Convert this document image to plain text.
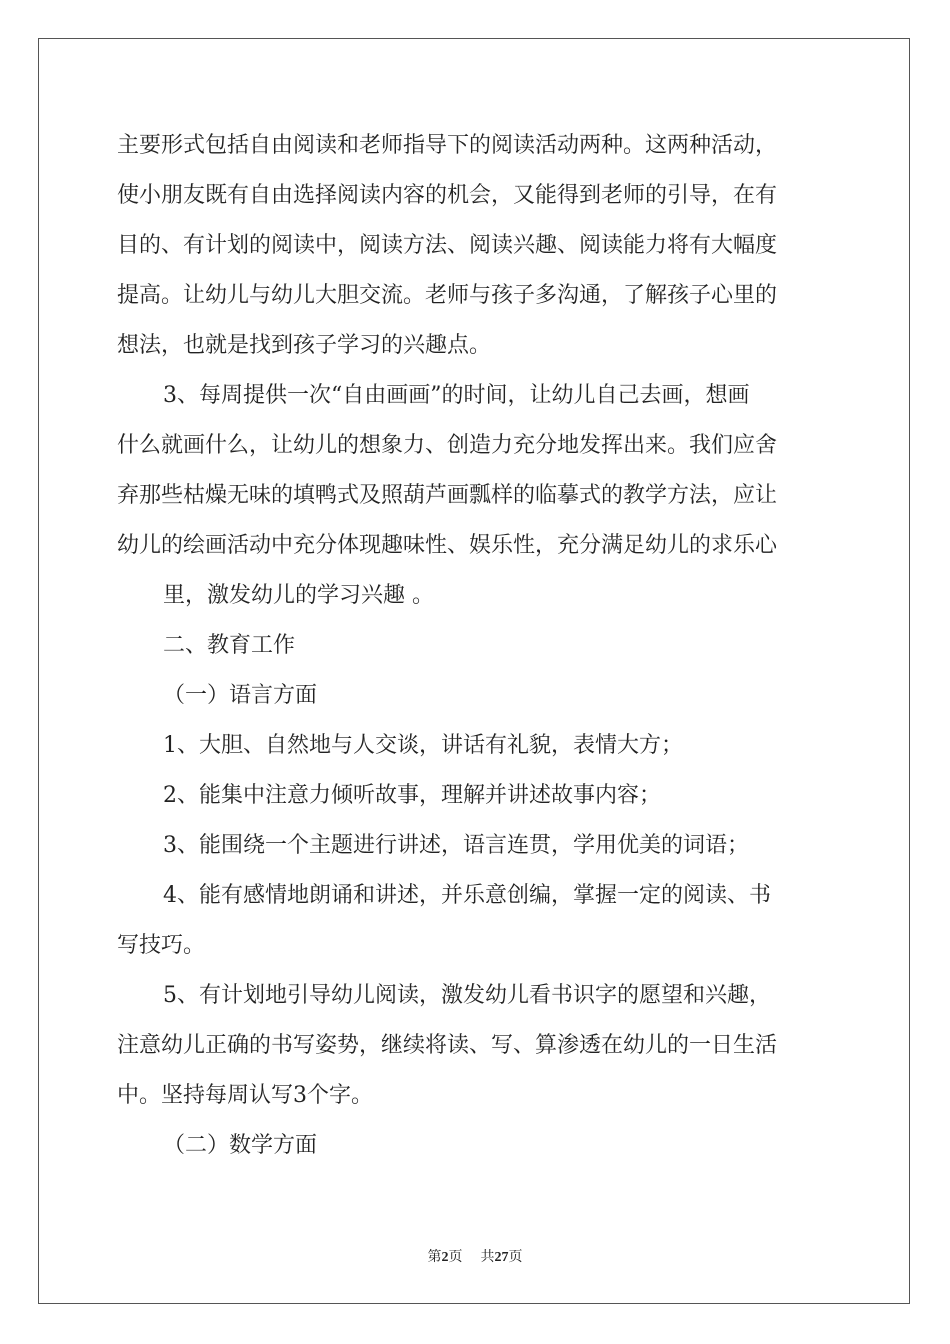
主要形式包括自由阅读和老师指导下的阅读活动两种。这两种活动，

使小朋友既有自由选择阅读内容的机会，又能得到老师的引导，在有

目的、有计划的阅读中，阅读方法、阅读兴趣、阅读能力将有大幅度

提高。让幼儿与幼儿大胆交流。老师与孩子多沟通，了解孩子心里的

想法，也就是找到孩子学习的兴趣点。

3、每周提供一次“自由画画”的时间，让幼儿自己去画，想画

什么就画什么，让幼儿的想象力、创造力充分地发挥出来。我们应舍

弃那些枯燥无味的填鸭式及照葫芦画瓢样的临摹式的教学方法，应让

幼儿的绘画活动中充分体现趣味性、娱乐性，充分满足幼儿的求乐心

里，激发幼儿的学习兴趣 。

二、教育工作

（一）语言方面

1、大胆、自然地与人交谈，讲话有礼貌，表情大方；

2、能集中注意力倾听故事，理解并讲述故事内容；

3、能围绕一个主题进行讲述，语言连贯，学用优美的词语；

4、能有感情地朗诵和讲述，并乐意创编，掌握一定的阅读、书

写技巧。

5、有计划地引导幼儿阅读，激发幼儿看书识字的愿望和兴趣，

注意幼儿正确的书写姿势，继续将读、写、算渗透在幼儿的一日生活

中。坚持每周认写3个字。

（二）数学方面

第2页 共27页
